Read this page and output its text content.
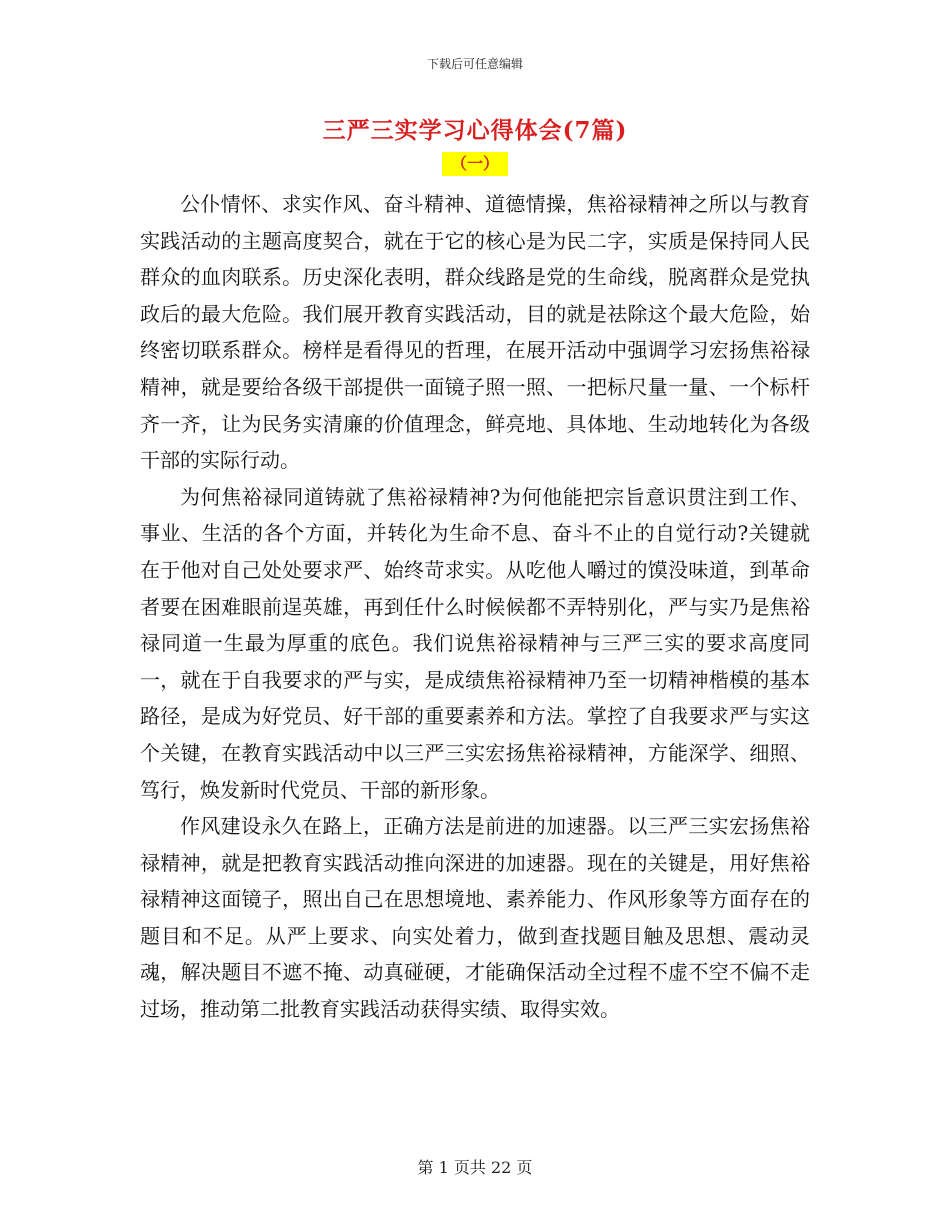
下载后可任意编辑
三严三实学习心得体会(7篇)
（一）

公仆情怀、求实作风、奋斗精神、道德情操，焦裕禄精神之所以与教育实践活动的主题高度契合，就在于它的核心是为民二字，实质是保持同人民群众的血肉联系。历史深化表明，群众线路是党的生命线，脱离群众是党执政后的最大危险。我们展开教育实践活动，目的就是祛除这个最大危险，始终密切联系群众。榜样是看得见的哲理，在展开活动中强调学习宏扬焦裕禄精神，就是要给各级干部提供一面镜子照一照、一把标尺量一量、一个标杆齐一齐，让为民务实清廉的价值理念，鲜亮地、具体地、生动地转化为各级干部的实际行动。

为何焦裕禄同道铸就了焦裕禄精神?为何他能把宗旨意识贯注到工作、事业、生活的各个方面，并转化为生命不息、奋斗不止的自觉行动?关键就在于他对自己处处要求严、始终苛求实。从吃他人嚼过的馍没味道，到革命者要在困难眼前逞英雄，再到任什么时候候都不弄特别化，严与实乃是焦裕禄同道一生最为厚重的底色。我们说焦裕禄精神与三严三实的要求高度同一，就在于自我要求的严与实，是成绩焦裕禄精神乃至一切精神楷模的基本路径，是成为好党员、好干部的重要素养和方法。掌控了自我要求严与实这个关键，在教育实践活动中以三严三实宏扬焦裕禄精神，方能深学、细照、笃行，焕发新时代党员、干部的新形象。

作风建设永久在路上，正确方法是前进的加速器。以三严三实宏扬焦裕禄精神，就是把教育实践活动推向深进的加速器。现在的关键是，用好焦裕禄精神这面镜子，照出自己在思想境地、素养能力、作风形象等方面存在的题目和不足。从严上要求、向实处着力，做到查找题目触及思想、震动灵魂，解决题目不遮不掩、动真碰硬，才能确保活动全过程不虚不空不偏不走过场，推动第二批教育实践活动获得实绩、取得实效。

第 1 页共 22 页
